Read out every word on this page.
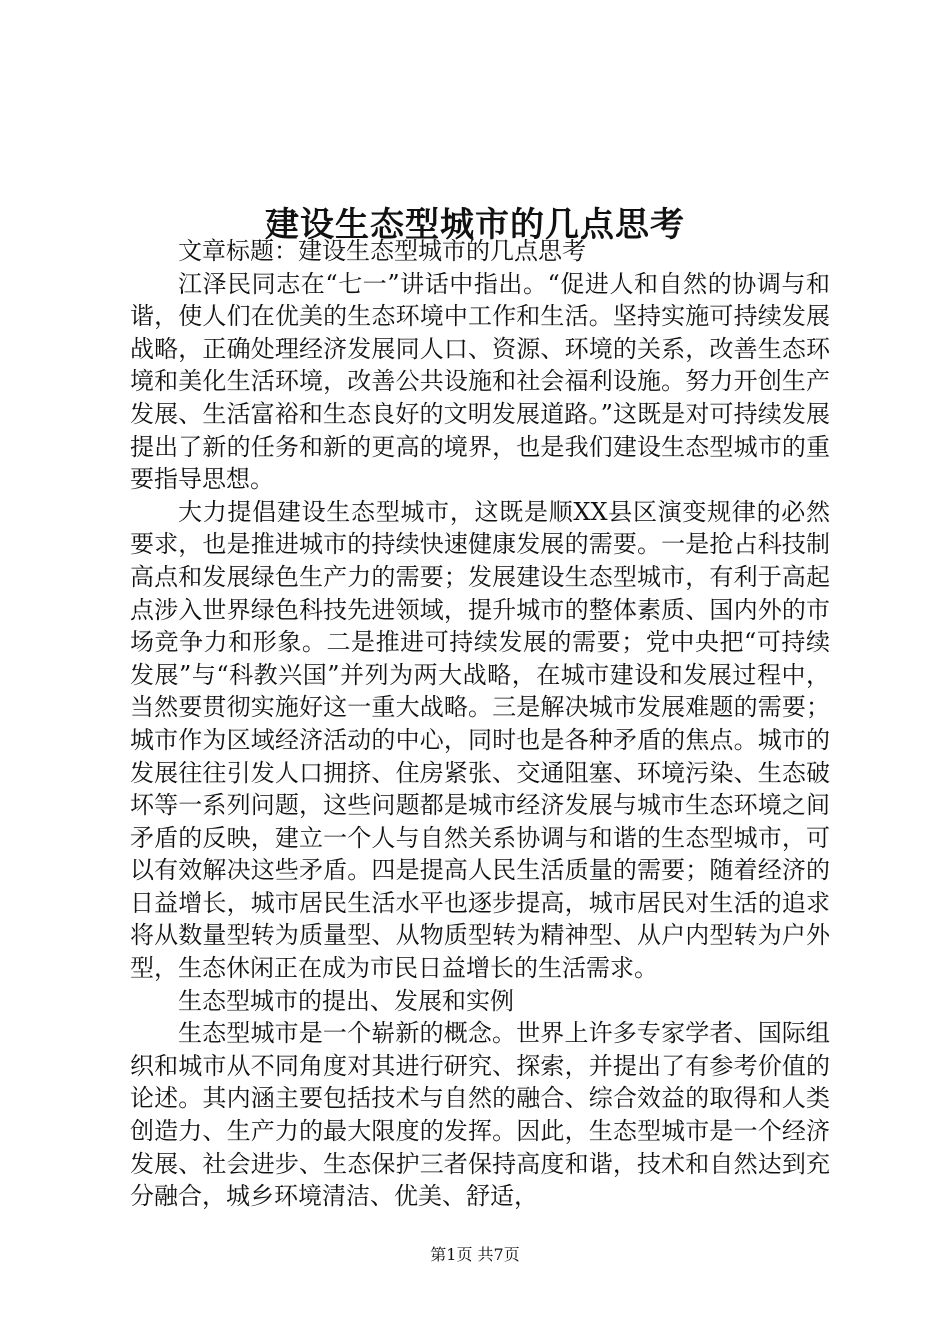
建设生态型城市的几点思考

文章标题：建设生态型城市的几点思考

江泽民同志在“七一”讲话中指出。“促进人和自然的协调与和谐，使人们在优美的生态环境中工作和生活。坚持实施可持续发展战略，正确处理经济发展同人口、资源、环境的关系，改善生态环境和美化生活环境，改善公共设施和社会福利设施。努力开创生产发展、生活富裕和生态良好的文明发展道路。”这既是对可持续发展提出了新的任务和新的更高的境界，也是我们建设生态型城市的重要指导思想。

大力提倡建设生态型城市，这既是顺XX县区演变规律的必然要求，也是推进城市的持续快速健康发展的需要。一是抢占科技制高点和发展绿色生产力的需要；发展建设生态型城市，有利于高起点涉入世界绿色科技先进领域，提升城市的整体素质、国内外的市场竞争力和形象。二是推进可持续发展的需要；党中央把“可持续发展”与“科教兴国”并列为两大战略，在城市建设和发展过程中，当然要贯彻实施好这一重大战略。三是解决城市发展难题的需要；城市作为区域经济活动的中心，同时也是各种矛盾的焦点。城市的发展往往引发人口拥挤、住房紧张、交通阻塞、环境污染、生态破坏等一系列问题，这些问题都是城市经济发展与城市生态环境之间矛盾的反映，建立一个人与自然关系协调与和谐的生态型城市，可以有效解决这些矛盾。四是提高人民生活质量的需要；随着经济的日益增长，城市居民生活水平也逐步提高，城市居民对生活的追求将从数量型转为质量型、从物质型转为精神型、从户内型转为户外型，生态休闲正在成为市民日益增长的生活需求。

生态型城市的提出、发展和实例

生态型城市是一个崭新的概念。世界上许多专家学者、国际组织和城市从不同角度对其进行研究、探索，并提出了有参考价值的论述。其内涵主要包括技术与自然的融合、综合效益的取得和人类创造力、生产力的最大限度的发挥。因此，生态型城市是一个经济发展、社会进步、生态保护三者保持高度和谐，技术和自然达到充分融合，城乡环境清洁、优美、舒适，

第1页 共7页
